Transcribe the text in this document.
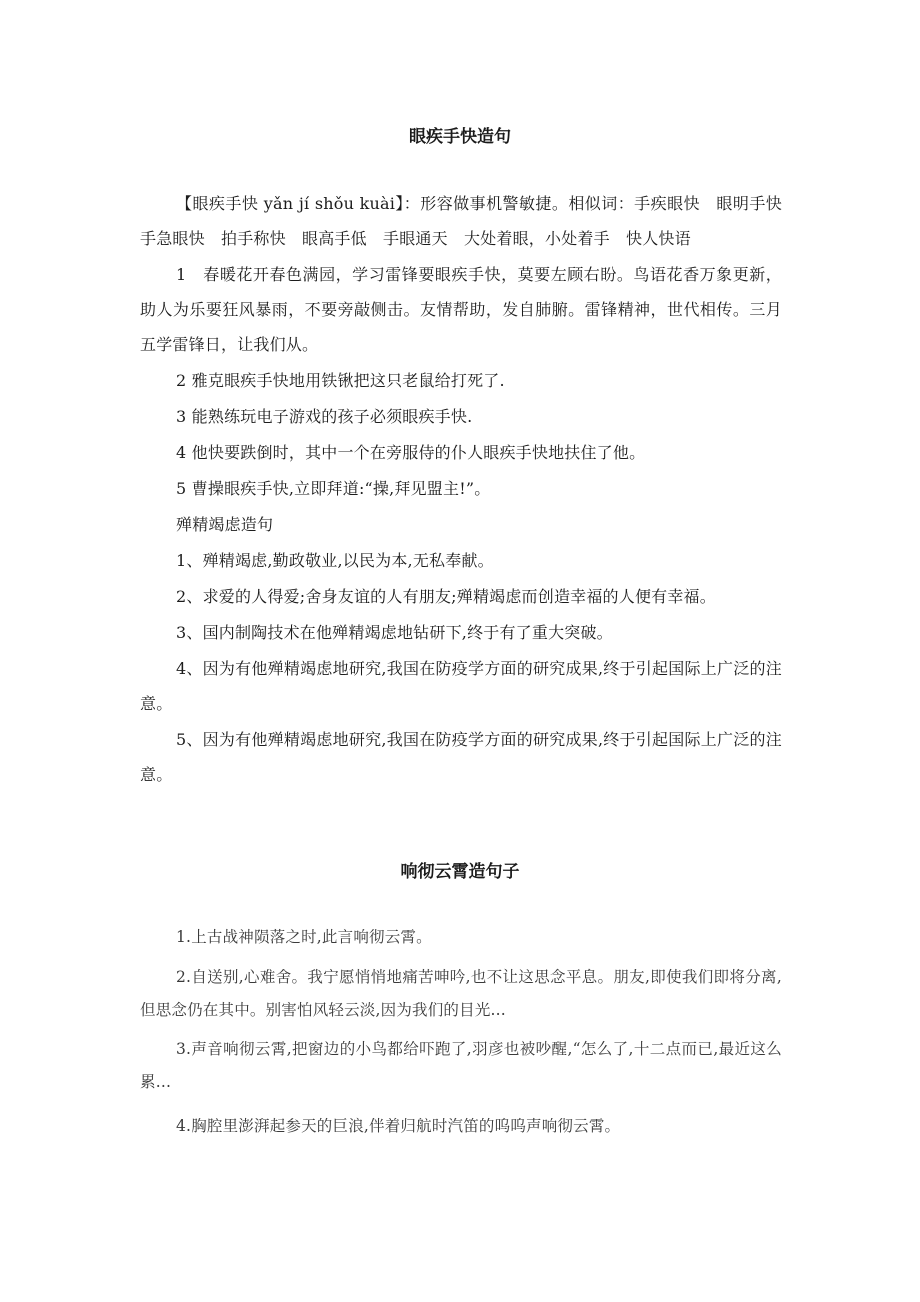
眼疾手快造句

【眼疾手快 yǎn jí shǒu kuài】：形容做事机警敏捷。相似词：手疾眼快　眼明手快　手急眼快　拍手称快　眼高手低　手眼通天　大处着眼，小处着手　快人快语

1　春暖花开春色满园，学习雷锋要眼疾手快，莫要左顾右盼。鸟语花香万象更新，助人为乐要狂风暴雨，不要旁敲侧击。友情帮助，发自肺腑。雷锋精神，世代相传。三月五学雷锋日，让我们从。

2 雅克眼疾手快地用铁锹把这只老鼠给打死了.

3 能熟练玩电子游戏的孩子必须眼疾手快.

4 他快要跌倒时，其中一个在旁服侍的仆人眼疾手快地扶住了他。

5 曹操眼疾手快,立即拜道:“操,拜见盟主!”。

殚精竭虑造句

1、殚精竭虑,勤政敬业,以民为本,无私奉献。

2、求爱的人得爱;舍身友谊的人有朋友;殚精竭虑而创造幸福的人便有幸福。

3、国内制陶技术在他殚精竭虑地钻研下,终于有了重大突破。

4、因为有他殚精竭虑地研究,我国在防疫学方面的研究成果,终于引起国际上广泛的注意。

5、因为有他殚精竭虑地研究,我国在防疫学方面的研究成果,终于引起国际上广泛的注意。

响彻云霄造句子

1.上古战神陨落之时,此言响彻云霄。

2.自送别,心难舍。我宁愿悄悄地痛苦呻吟,也不让这思念平息。朋友,即使我们即将分离,但思念仍在其中。别害怕风轻云淡,因为我们的目光...

3.声音响彻云霄,把窗边的小鸟都给吓跑了,羽彦也被吵醒,“怎么了,十二点而已,最近这么累...

4.胸腔里澎湃起参天的巨浪,伴着归航时汽笛的呜呜声响彻云霄。
